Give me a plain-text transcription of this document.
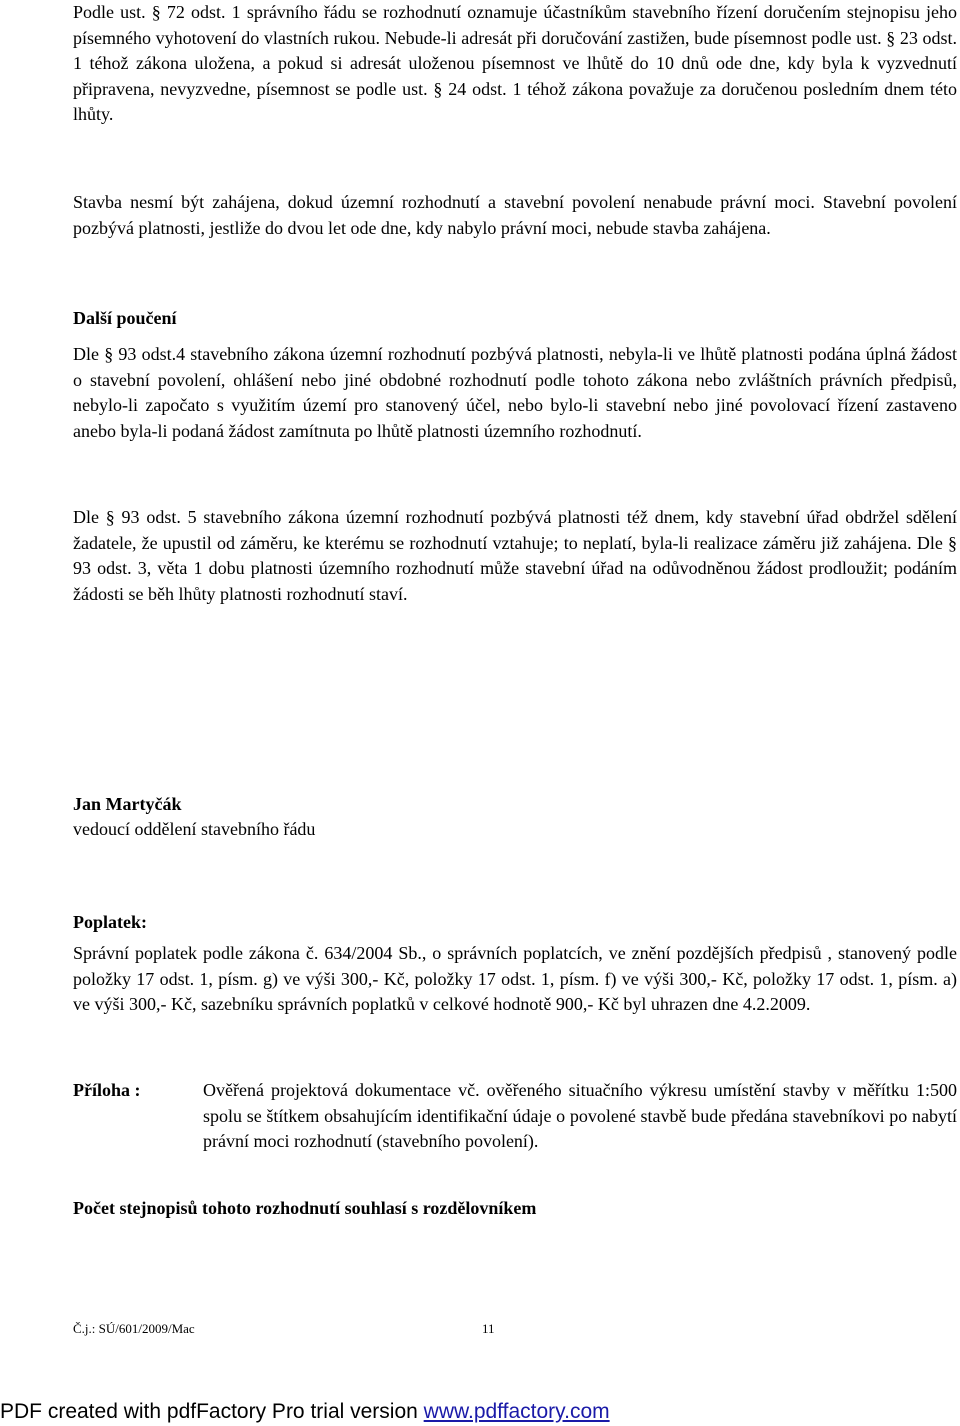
Podle ust. § 72 odst. 1 správního řádu se rozhodnutí oznamuje účastníkům stavebního řízení doručením stejnopisu jeho písemného vyhotovení do vlastních rukou. Nebude-li adresát při doručování zastižen, bude písemnost podle ust. § 23 odst. 1 téhož zákona uložena, a pokud si adresát uloženou písemnost ve lhůtě do 10 dnů ode dne, kdy byla k vyzvednutí připravena, nevyzvedne, písemnost se podle ust. § 24 odst. 1 téhož zákona považuje za doručenou posledním dnem této lhůty.

Stavba nesmí být zahájena, dokud územní rozhodnutí a stavební povolení nenabude právní moci. Stavební povolení pozbývá platnosti, jestliže do dvou let ode dne, kdy nabylo právní moci, nebude stavba zahájena.

Další poučení

Dle § 93 odst.4 stavebního zákona územní rozhodnutí pozbývá platnosti, nebyla-li ve lhůtě platnosti podána úplná žádost o stavební povolení, ohlášení nebo jiné obdobné rozhodnutí podle tohoto zákona nebo zvláštních právních předpisů, nebylo-li započato s využitím území pro stanovený účel, nebo bylo-li stavební nebo jiné povolovací řízení zastaveno anebo byla-li podaná žádost zamítnuta po lhůtě platnosti územního rozhodnutí.

Dle § 93 odst. 5 stavebního zákona územní rozhodnutí pozbývá platnosti též dnem, kdy stavební úřad obdržel sdělení žadatele, že upustil od záměru, ke kterému se rozhodnutí vztahuje; to neplatí, byla-li realizace záměru již zahájena. Dle § 93 odst. 3, věta 1 dobu platnosti územního rozhodnutí může stavební úřad na odůvodněnou žádost prodloužit; podáním žádosti se běh lhůty platnosti rozhodnutí staví.

Jan Martyčák

vedoucí oddělení stavebního řádu

Poplatek:

Správní poplatek podle zákona č. 634/2004 Sb., o správních poplatcích, ve znění pozdějších předpisů , stanovený podle položky 17 odst. 1, písm. g) ve výši 300,- Kč, položky 17 odst. 1, písm. f) ve výši 300,- Kč, položky 17 odst. 1, písm. a) ve výši 300,- Kč, sazebníku správních poplatků v celkové hodnotě 900,- Kč byl uhrazen dne 4.2.2009.

Příloha :	Ověřená projektová dokumentace vč. ověřeného situačního výkresu umístění stavby v měřítku 1:500 spolu se štítkem obsahujícím identifikační údaje o povolené stavbě bude předána stavebníkovi po nabytí právní moci rozhodnutí (stavebního povolení).

Počet stejnopisů tohoto rozhodnutí souhlasí s rozdělovníkem

Č.j.: SÚ/601/2009/Mac	11
PDF created with pdfFactory Pro trial version www.pdffactory.com
